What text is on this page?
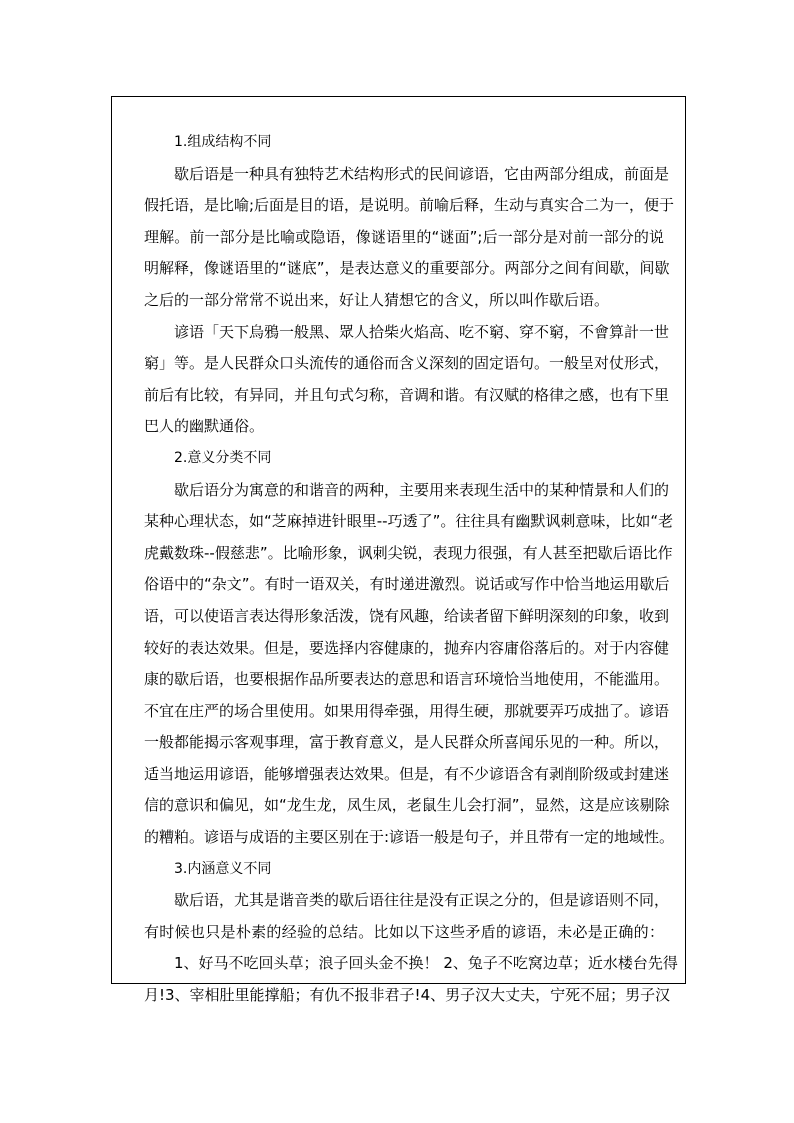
1.组成结构不同
歇后语是一种具有独特艺术结构形式的民间谚语，它由两部分组成，前面是
假托语，是比喻;后面是目的语，是说明。前喻后释，生动与真实合二为一，便于
理解。前一部分是比喻或隐语，像谜语里的“谜面”;后一部分是对前一部分的说
明解释，像谜语里的“谜底”，是表达意义的重要部分。两部分之间有间歇，间歇
之后的一部分常常不说出来，好让人猜想它的含义，所以叫作歇后语。
谚语「天下烏鴉一般黑、眾人拾柴火焰高、吃不窮、穿不窮，不會算計一世
窮」等。是人民群众口头流传的通俗而含义深刻的固定语句。一般呈对仗形式，
前后有比较，有异同，并且句式匀称，音调和谐。有汉赋的格律之感，也有下里
巴人的幽默通俗。
2.意义分类不同
歇后语分为寓意的和谐音的两种，主要用来表现生活中的某种情景和人们的
某种心理状态，如“芝麻掉进针眼里--巧透了”。往往具有幽默讽刺意味，比如“老
虎戴数珠--假慈悲”。比喻形象，讽刺尖锐，表现力很强，有人甚至把歇后语比作
俗语中的“杂文”。有时一语双关，有时递进激烈。说话或写作中恰当地运用歇后
语，可以使语言表达得形象活泼，饶有风趣，给读者留下鲜明深刻的印象，收到
较好的表达效果。但是，要选择内容健康的，抛弃内容庸俗落后的。对于内容健
康的歇后语，也要根据作品所要表达的意思和语言环境恰当地使用，不能滥用。
不宜在庄严的场合里使用。如果用得牵强，用得生硬，那就要弄巧成拙了。谚语
一般都能揭示客观事理，富于教育意义，是人民群众所喜闻乐见的一种。所以，
适当地运用谚语，能够增强表达效果。但是，有不少谚语含有剥削阶级或封建迷
信的意识和偏见，如“龙生龙，凤生凤，老鼠生儿会打洞”，显然，这是应该剔除
的糟粕。谚语与成语的主要区别在于:谚语一般是句子，并且带有一定的地域性。
3.内涵意义不同
歇后语，尤其是谐音类的歇后语往往是没有正误之分的，但是谚语则不同，
有时候也只是朴素的经验的总结。比如以下这些矛盾的谚语，未必是正确的：
1、好马不吃回头草；浪子回头金不换！ 2、兔子不吃窝边草；近水楼台先得
月!3、宰相肚里能撑船；有仇不报非君子!4、男子汉大丈夫，宁死不屈；男子汉
